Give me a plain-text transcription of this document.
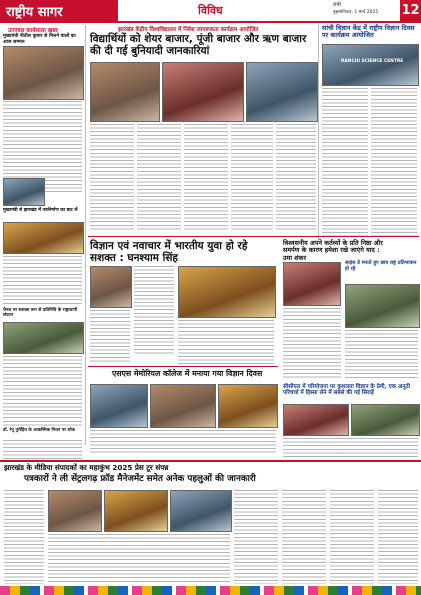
राष्ट्रीय सागर	विविध	रांची
बृहस्पतिवार, 1 मार्च 2025 12
उज्ज्वल कार्यशाला खबर
मुख्यमंत्री नीतीश कुमार से मिलने वालों का आज सम्मान
मुख्यमंत्री से झारखंड में नवनिर्माण का बाट लें
चैनल पर सशक्त रूप से प्रतिनिधि के राष्ट्रव्यापी संघटन
डॉ. रेनू पुरोहित के आकस्मिक निधन पर शोक
झारखंड केंद्रीय विश्वविद्यालय में निवेश जागरूकता कार्यक्रम आयोजित
विद्यार्थियों को शेयर बाजार, पूंजी बाजार और ऋण बाजार की दी गई बुनियादी जानकारियां
सांची विज्ञान केंद्र में राष्ट्रीय विज्ञान दिवस पर कार्यक्रम आयोजित
RANCHI SCIENCE CENTRE
विज्ञान एवं नवाचार में भारतीय युवा हो रहे सशक्त : घनश्याम सिंह
विश्वसनीय अपने कर्तव्यों के प्रति निष्ठा और समर्पण के कारण हमेशा रखे जाएंगे याद : उमा शंकर
साइंस डे मनाते हुए छात्र राष्ट्र प्रतिभावान हो रहे
एसएस मेमोरियल कॉलेज में मनाया गया विज्ञान दिवस
सीसीएल में परियोजना पर कुशलता विज्ञान के प्रेमी, एक अनूठी परिचर्चा में हिस्सा लेने में सबसे की गई सिराहें
झारखंड के मीडिया संपादकों का महाकुंभ 2025 प्रेस टूर संपन्न
पत्रकारों ने ली सेंट्रलगढ़ फ्रॉड मैनेजमेंट समेत अनेक पहलुओं की जानकारी
